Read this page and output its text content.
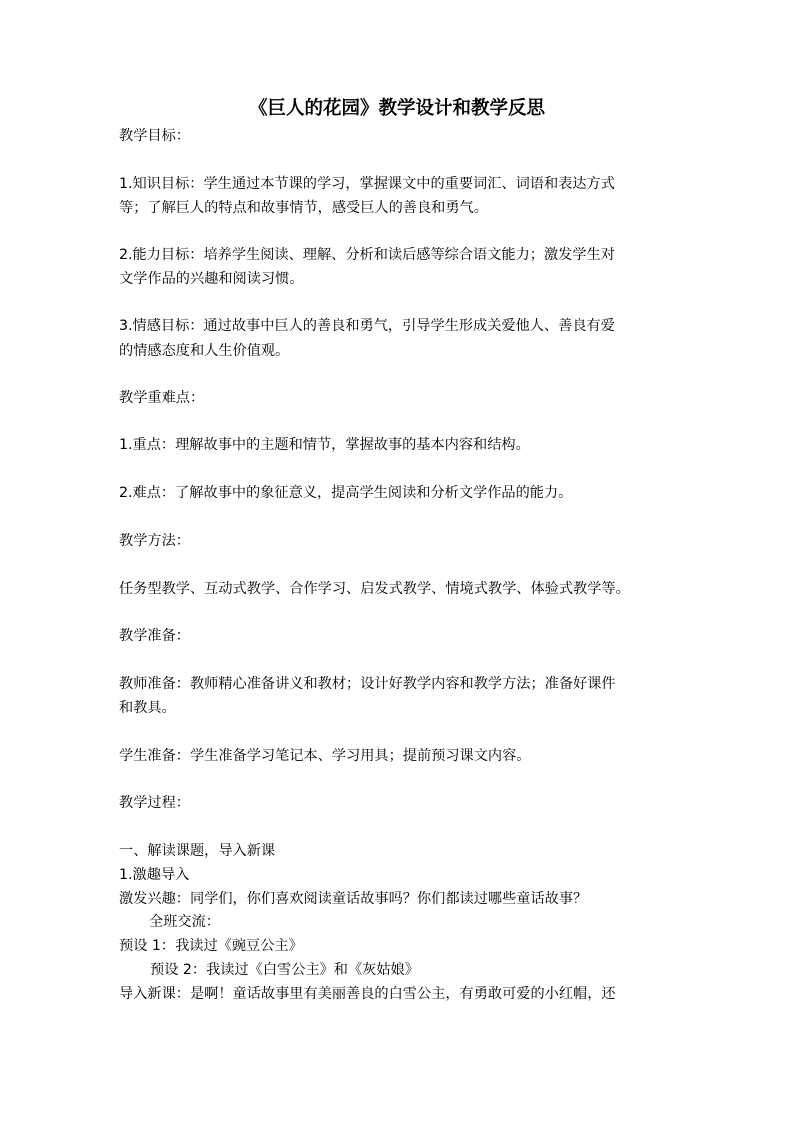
《巨人的花园》教学设计和教学反思
教学目标：
1.知识目标：学生通过本节课的学习，掌握课文中的重要词汇、词语和表达方式
等；了解巨人的特点和故事情节，感受巨人的善良和勇气。
2.能力目标：培养学生阅读、理解、分析和读后感等综合语文能力；激发学生对
文学作品的兴趣和阅读习惯。
3.情感目标：通过故事中巨人的善良和勇气，引导学生形成关爱他人、善良有爱
的情感态度和人生价值观。
教学重难点：
1.重点：理解故事中的主题和情节，掌握故事的基本内容和结构。
2.难点：了解故事中的象征意义，提高学生阅读和分析文学作品的能力。
教学方法：
任务型教学、互动式教学、合作学习、启发式教学、情境式教学、体验式教学等。
教学准备：
教师准备：教师精心准备讲义和教材；设计好教学内容和教学方法；准备好课件
和教具。
学生准备：学生准备学习笔记本、学习用具；提前预习课文内容。
教学过程：
一、解读课题，导入新课
1.激趣导入
激发兴趣：同学们，你们喜欢阅读童话故事吗？你们都读过哪些童话故事？
全班交流：
预设 1：我读过《豌豆公主》
预设 2：我读过《白雪公主》和《灰姑娘》
导入新课：是啊！童话故事里有美丽善良的白雪公主，有勇敢可爱的小红帽，还
